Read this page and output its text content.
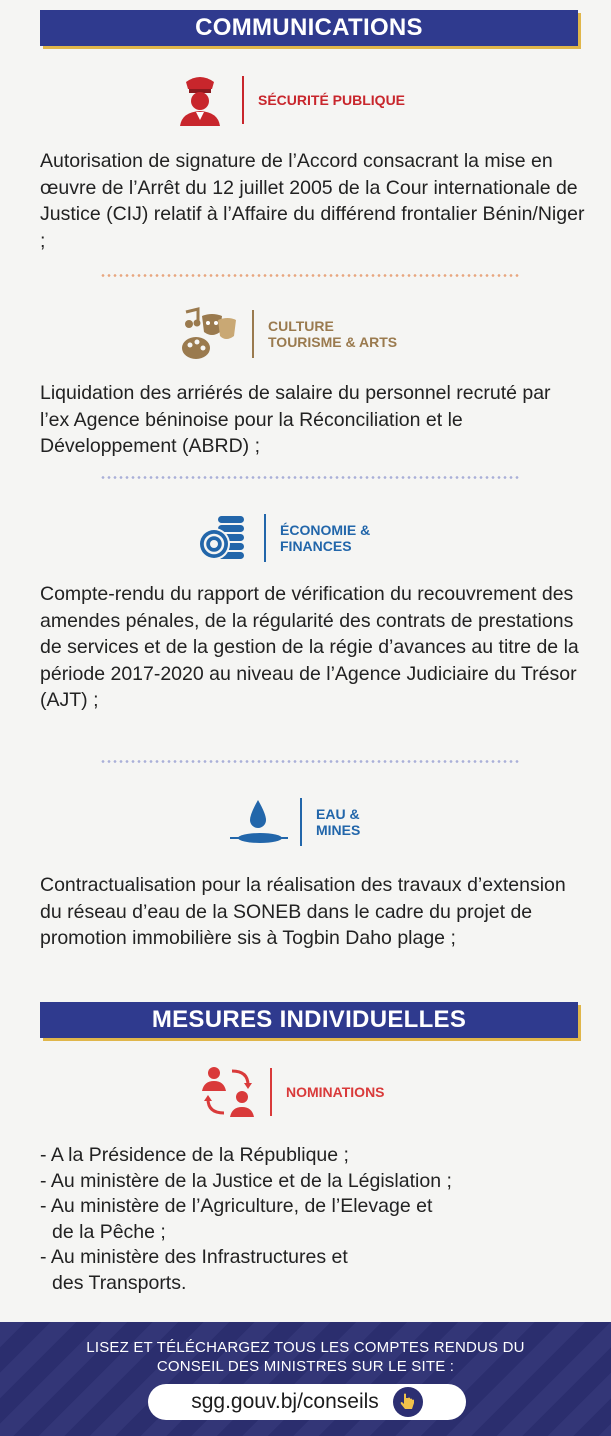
COMMUNICATIONS
SÉCURITÉ PUBLIQUE
Autorisation de signature de l’Accord consacrant la mise en œuvre de l’Arrêt du 12 juillet 2005 de la Cour internationale de Justice (CIJ) relatif à l’Affaire du différend frontalier Bénin/Niger ;
CULTURE
TOURISME & ARTS
Liquidation des arriérés de salaire du personnel recruté par l’ex Agence béninoise pour la Réconciliation et le Développement (ABRD) ;
ÉCONOMIE &
FINANCES
Compte-rendu du rapport de vérification du recouvrement des amendes pénales, de la régularité des contrats de prestations de services et de la gestion de la régie d’avances au titre de la période 2017-2020 au niveau de l’Agence Judiciaire du Trésor (AJT) ;
EAU &
MINES
Contractualisation pour la réalisation des travaux d’extension du réseau d’eau de la SONEB dans le cadre du projet de promotion immobilière sis à Togbin Daho plage ;
MESURES INDIVIDUELLES
NOMINATIONS
- A la Présidence de la République ;
- Au ministère de la Justice et de la Législation ;
- Au ministère de l’Agriculture, de l’Elevage et
de la Pêche ;
- Au ministère des Infrastructures et
des Transports.
LISEZ ET TÉLÉCHARGEZ TOUS LES COMPTES RENDUS DU
CONSEIL DES MINISTRES SUR LE SITE :
sgg.gouv.bj/conseils
